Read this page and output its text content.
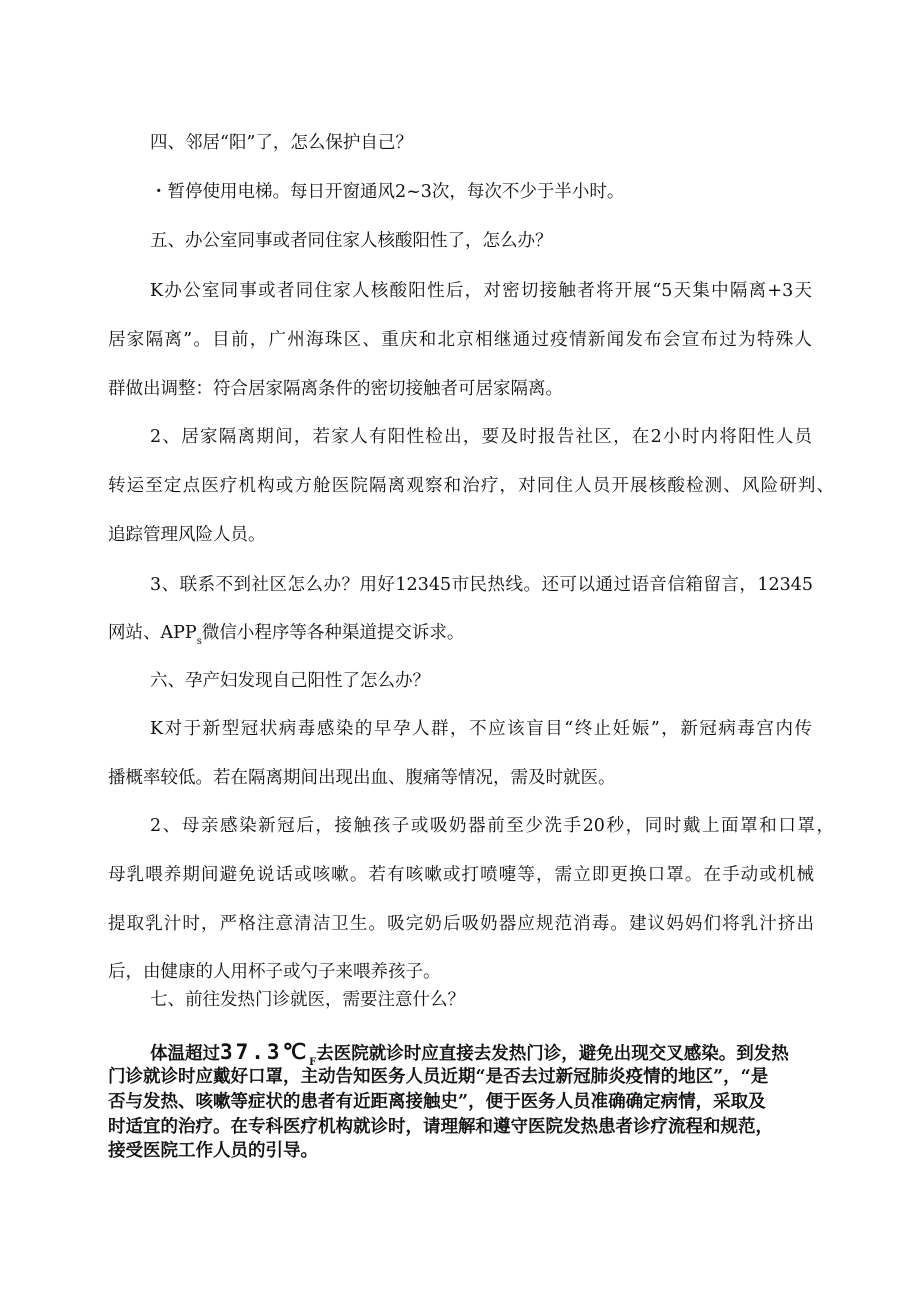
四、邻居“阳”了，怎么保护自己？

・暂停使用电梯。每日开窗通风2~3次，每次不少于半小时。

五、办公室同事或者同住家人核酸阳性了，怎么办？

K办公室同事或者同住家人核酸阳性后，对密切接触者将开展“5天集中隔离+3天

居家隔离”。目前，广州海珠区、重庆和北京相继通过疫情新闻发布会宣布过为特殊人

群做出调整：符合居家隔离条件的密切接触者可居家隔离。

2、居家隔离期间，若家人有阳性检出，要及时报告社区，在2小时内将阳性人员

转运至定点医疗机构或方舱医院隔离观察和治疗，对同住人员开展核酸检测、风险研判、

追踪管理风险人员。

3、联系不到社区怎么办？用好12345市民热线。还可以通过语音信箱留言，12345

网站、$APP_s$微信小程序等各种渠道提交诉求。

六、孕产妇发现自己阳性了怎么办？

K对于新型冠状病毒感染的早孕人群，不应该盲目“终止妊娠”，新冠病毒宫内传

播概率较低。若在隔离期间出现出血、腹痛等情况，需及时就医。

2、母亲感染新冠后，接触孩子或吸奶器前至少洗手20秒，同时戴上面罩和口罩，

母乳喂养期间避免说话或咳嗽。若有咳嗽或打喷嚏等，需立即更换口罩。在手动或机械

提取乳汁时，严格注意清洁卫生。吸完奶后吸奶器应规范消毒。建议妈妈们将乳汁挤出

后，由健康的人用杯子或勺子来喂养孩子。

七、前往发热门诊就医，需要注意什么？

体温超过$37.3℃_F$去医院就诊时应直接去发热门诊，避免出现交叉感染。到发热

门诊就诊时应戴好口罩，主动告知医务人员近期“是否去过新冠肺炎疫情的地区”，“是

否与发热、咳嗽等症状的患者有近距离接触史”，便于医务人员准确确定病情，采取及

时适宜的治疗。在专科医疗机构就诊时，请理解和遵守医院发热患者诊疗流程和规范，

接受医院工作人员的引导。
